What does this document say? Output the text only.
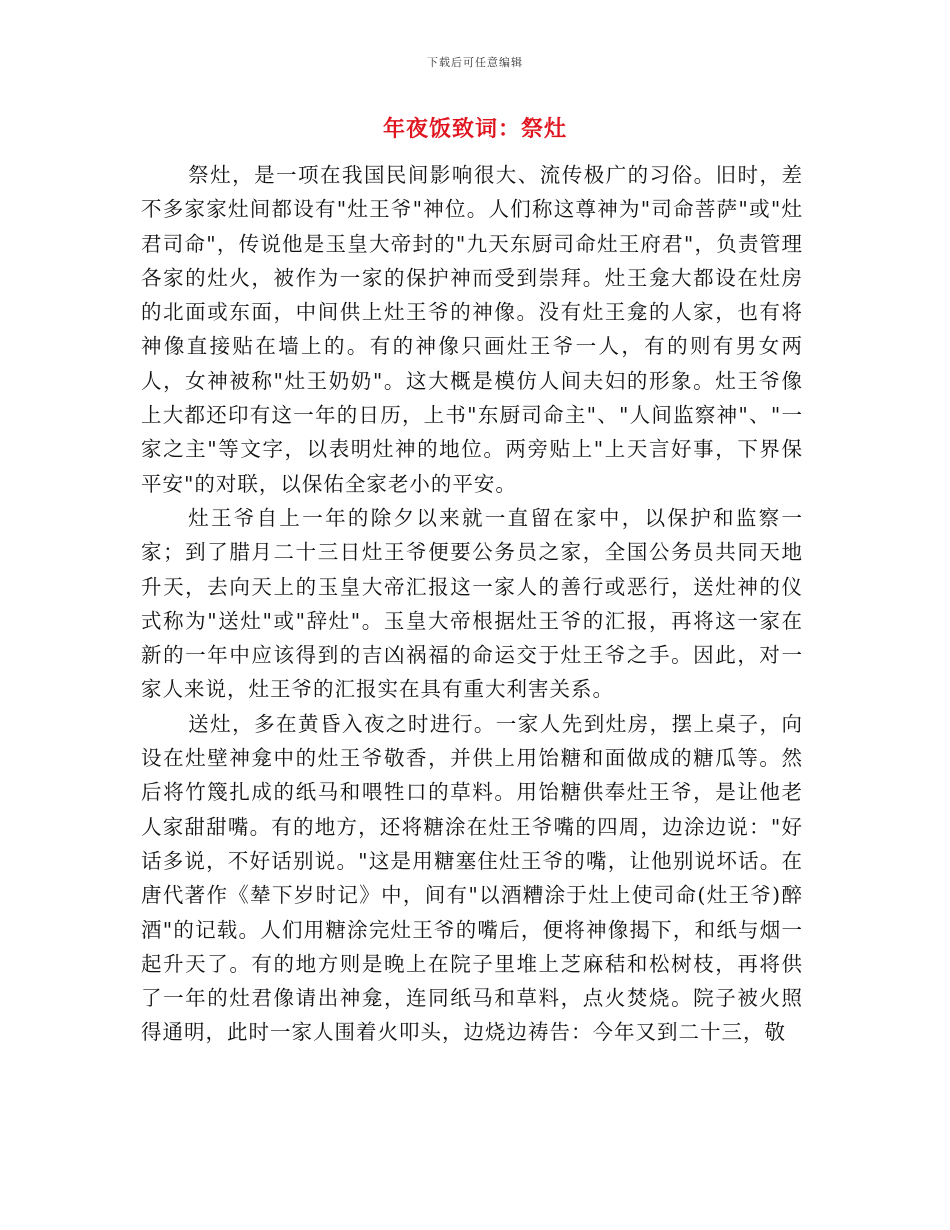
下载后可任意编辑
年夜饭致词：祭灶

祭灶，是一项在我国民间影响很大、流传极广的习俗。旧时，差不多家家灶间都设有"灶王爷"神位。人们称这尊神为"司命菩萨"或"灶君司命"，传说他是玉皇大帝封的"九天东厨司命灶王府君"，负责管理各家的灶火，被作为一家的保护神而受到崇拜。灶王龛大都设在灶房的北面或东面，中间供上灶王爷的神像。没有灶王龛的人家，也有将神像直接贴在墙上的。有的神像只画灶王爷一人，有的则有男女两人，女神被称"灶王奶奶"。这大概是模仿人间夫妇的形象。灶王爷像上大都还印有这一年的日历，上书"东厨司命主"、"人间监察神"、"一家之主"等文字，以表明灶神的地位。两旁贴上"上天言好事，下界保平安"的对联，以保佑全家老小的平安。

灶王爷自上一年的除夕以来就一直留在家中，以保护和监察一家；到了腊月二十三日灶王爷便要公务员之家，全国公务员共同天地升天，去向天上的玉皇大帝汇报这一家人的善行或恶行，送灶神的仪式称为"送灶"或"辞灶"。玉皇大帝根据灶王爷的汇报，再将这一家在新的一年中应该得到的吉凶祸福的命运交于灶王爷之手。因此，对一家人来说，灶王爷的汇报实在具有重大利害关系。

送灶，多在黄昏入夜之时进行。一家人先到灶房，摆上桌子，向设在灶壁神龛中的灶王爷敬香，并供上用饴糖和面做成的糖瓜等。然后将竹篾扎成的纸马和喂牲口的草料。用饴糖供奉灶王爷，是让他老人家甜甜嘴。有的地方，还将糖涂在灶王爷嘴的四周，边涂边说："好话多说，不好话别说。"这是用糖塞住灶王爷的嘴，让他别说坏话。在唐代著作《辇下岁时记》中，间有"以酒糟涂于灶上使司命(灶王爷)醉酒"的记载。人们用糖涂完灶王爷的嘴后，便将神像揭下，和纸与烟一起升天了。有的地方则是晚上在院子里堆上芝麻秸和松树枝，再将供了一年的灶君像请出神龛，连同纸马和草料，点火焚烧。院子被火照得通明，此时一家人围着火叩头，边烧边祷告：今年又到二十三，敬
